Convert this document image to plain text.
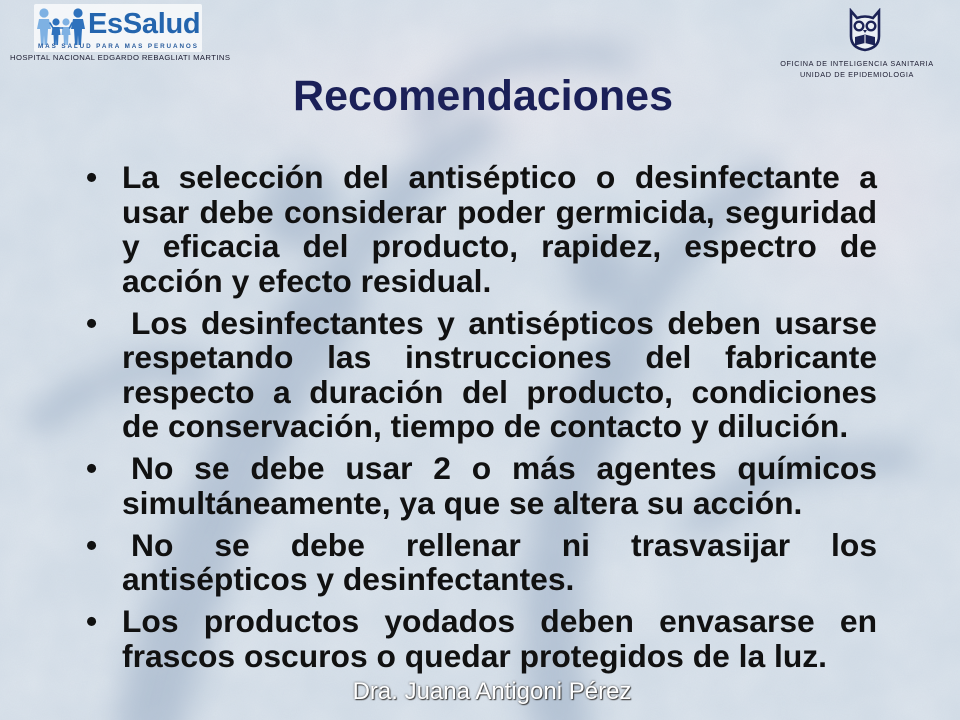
EsSalud
MAS SALUD PARA MAS PERUANOS
HOSPITAL NACIONAL EDGARDO REBAGLIATI MARTINS
OFICINA DE INTELIGENCIA SANITARIA
UNIDAD DE EPIDEMIOLOGIA
Recomendaciones
• La selección del antiséptico o desinfectante a
usar debe considerar poder germicida, seguridad
y eficacia del producto, rapidez, espectro de
acción y efecto residual.
• Los desinfectantes y antisépticos deben usarse
respetando las instrucciones del fabricante
respecto a duración del producto, condiciones
de conservación, tiempo de contacto y dilución.
• No se debe usar 2 o más agentes químicos
simultáneamente, ya que se altera su acción.
• No se debe rellenar ni trasvasijar los
antisépticos y desinfectantes.
• Los productos yodados deben envasarse en
frascos oscuros o quedar protegidos de la luz.
Dra. Juana Antigoni Pérez
